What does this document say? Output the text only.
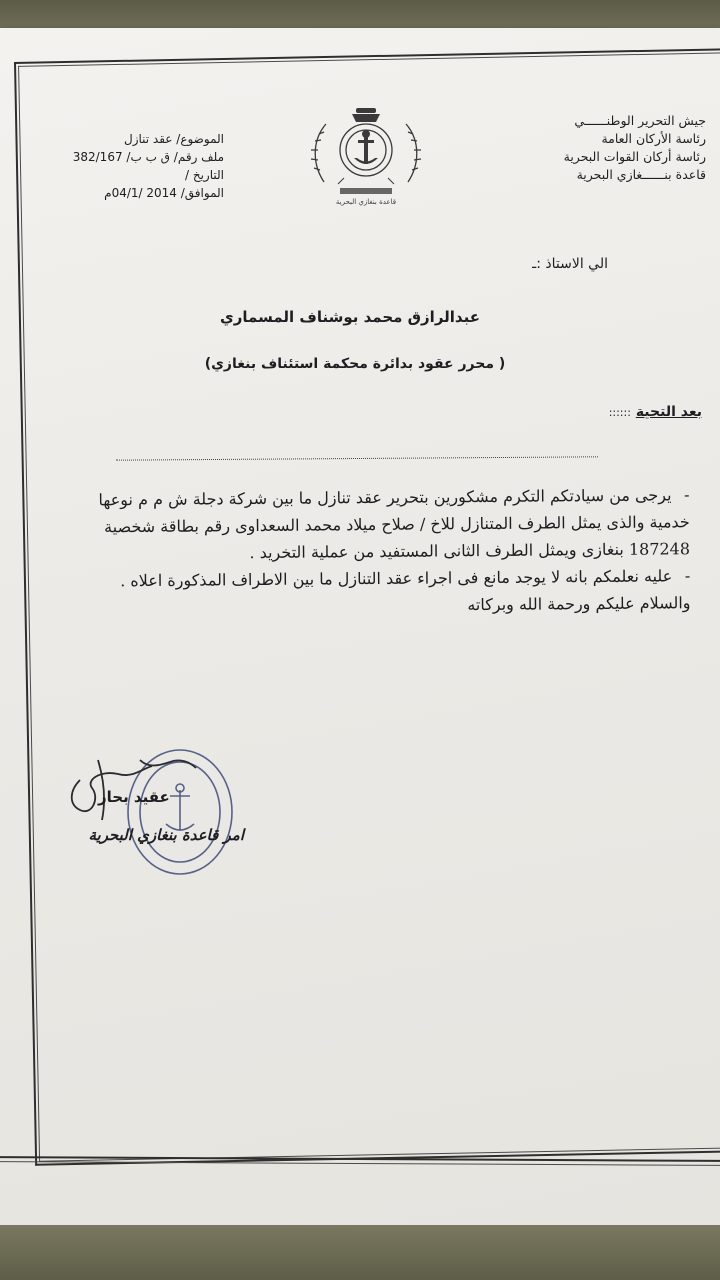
جيش التحرير الوطنــــــي
رئاسة الأركان العامة
رئاسة أركان القوات البحرية
قاعدة بنــــــغازي البحرية
قاعدة بنغازي البحرية
الموضوع/ عقد تنازل
ملف رقم/ ق ب ب/ 382/167
التاريخ /
الموافق/ 2014 /04/1م
الي الاستاذ :ـ
عبدالرازق محمد بوشناف المسماري
( محرر عقود بدائرة محكمة استئناف بنغازي)
بعد التحية ::::::

-يرجى من سيادتكم التكرم مشكورين بتحرير عقد تنازل ما بين شركة دجلة ش م م نوعها

خدمية والذى يمثل الطرف المتنازل للاخ / صلاح ميلاد محمد السعداوى رقم بطاقة شخصية

187248 بنغازى ويمثل الطرف الثانى المستفيد من عملية التخريد .

-عليه نعلمكم بانه لا يوجد مانع فى اجراء عقد التنازل ما بين الاطراف المذكورة اعلاه .

والسلام عليكم ورحمة الله وبركاته

عقيد بحار
امر قاعدة بنغازي البحرية
